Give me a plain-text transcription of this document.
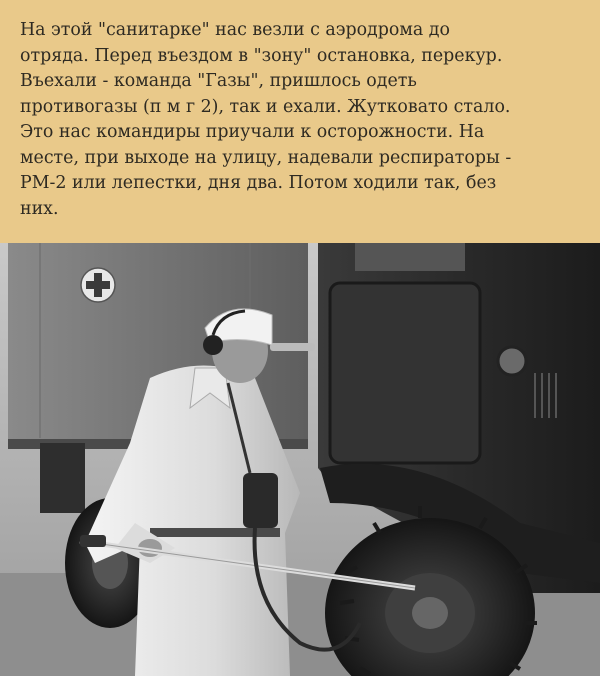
На этой "санитарке" нас везли с аэродрома до
отряда. Перед въездом в "зону" остановка, перекур.
Въехали - команда "Газы", пришлось одеть
противогазы (п м г 2), так и ехали. Жутковато стало.
Это нас командиры приучали к осторожности. На
месте, при выходе на улицу, надевали респираторы -
РМ-2 или лепестки, дня два. Потом ходили так, без
них.
